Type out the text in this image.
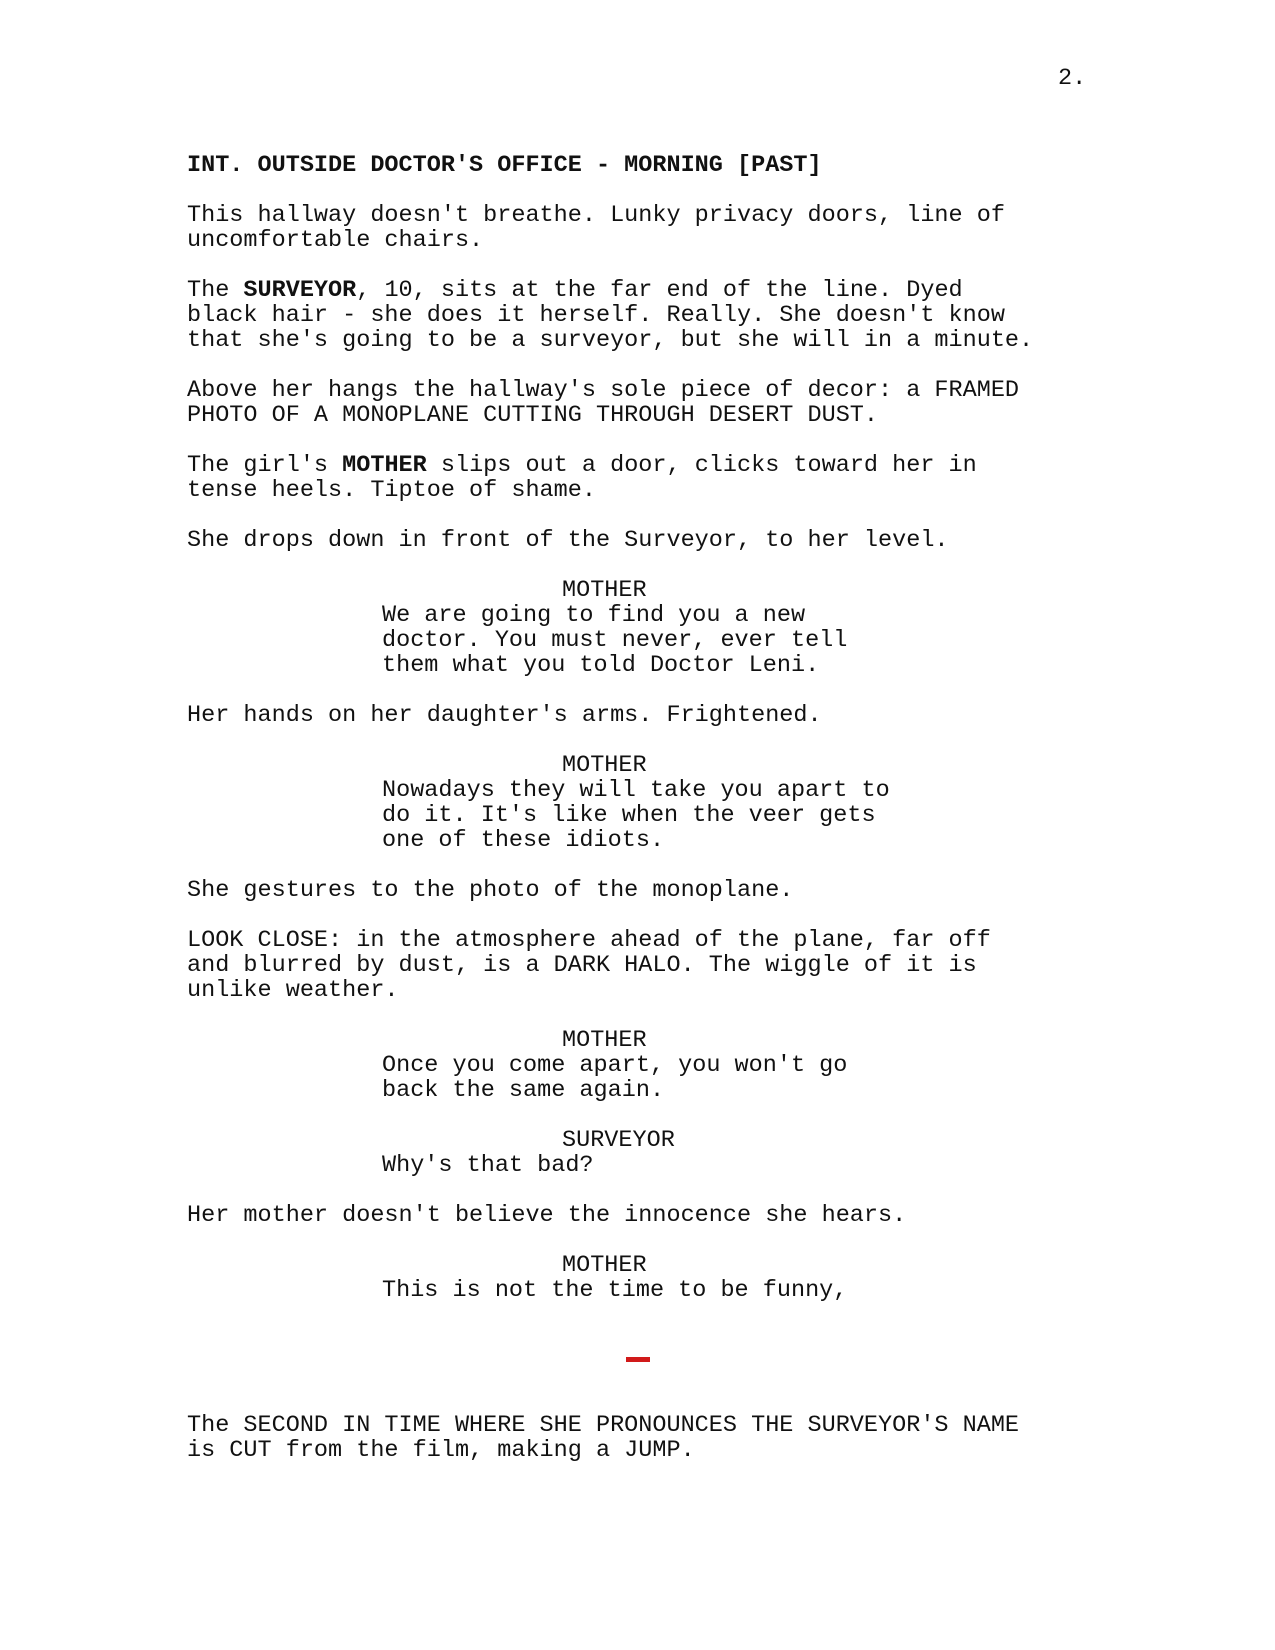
2.
INT. OUTSIDE DOCTOR'S OFFICE - MORNING [PAST]
This hallway doesn't breathe. Lunky privacy doors, line of
uncomfortable chairs.
The SURVEYOR, 10, sits at the far end of the line. Dyed
black hair - she does it herself. Really. She doesn't know
that she's going to be a surveyor, but she will in a minute.
Above her hangs the hallway's sole piece of decor: a FRAMED
PHOTO OF A MONOPLANE CUTTING THROUGH DESERT DUST.
The girl's MOTHER slips out a door, clicks toward her in
tense heels. Tiptoe of shame.
She drops down in front of the Surveyor, to her level.
MOTHER
We are going to find you a new
doctor. You must never, ever tell
them what you told Doctor Leni.
Her hands on her daughter's arms. Frightened.
MOTHER
Nowadays they will take you apart to
do it. It's like when the veer gets
one of these idiots.
She gestures to the photo of the monoplane.
LOOK CLOSE: in the atmosphere ahead of the plane, far off
and blurred by dust, is a DARK HALO. The wiggle of it is
unlike weather.
MOTHER
Once you come apart, you won't go
back the same again.
SURVEYOR
Why's that bad?
Her mother doesn't believe the innocence she hears.
MOTHER
This is not the time to be funny,
The SECOND IN TIME WHERE SHE PRONOUNCES THE SURVEYOR'S NAME
is CUT from the film, making a JUMP.
